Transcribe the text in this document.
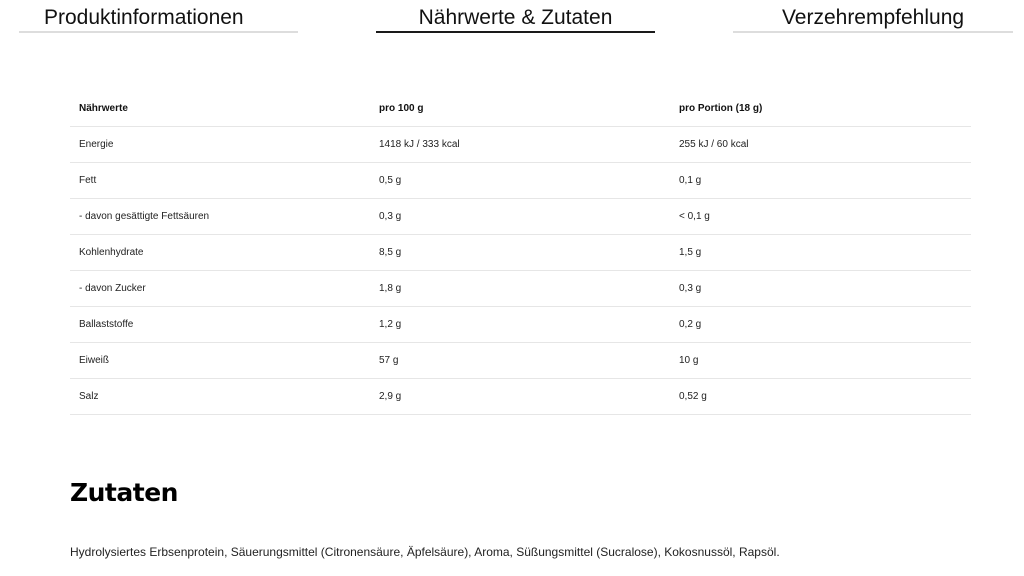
Produktinformationen	Nährwerte & Zutaten	Verzehrempfehlung
Nährwerte	pro 100 g	pro Portion (18 g)
Energie	1418 kJ / 333 kcal	255 kJ / 60 kcal
Fett	0,5 g	0,1 g
- davon gesättigte Fettsäuren	0,3 g	< 0,1 g
Kohlenhydrate	8,5 g	1,5 g
- davon Zucker	1,8 g	0,3 g
Ballaststoffe	1,2 g	0,2 g
Eiweiß	57 g	10 g
Salz	2,9 g	0,52 g
Zutaten

Hydrolysiertes Erbsenprotein, Säuerungsmittel (Citronensäure, Äpfelsäure), Aroma, Süßungsmittel (Sucralose), Kokosnussöl, Rapsöl.
